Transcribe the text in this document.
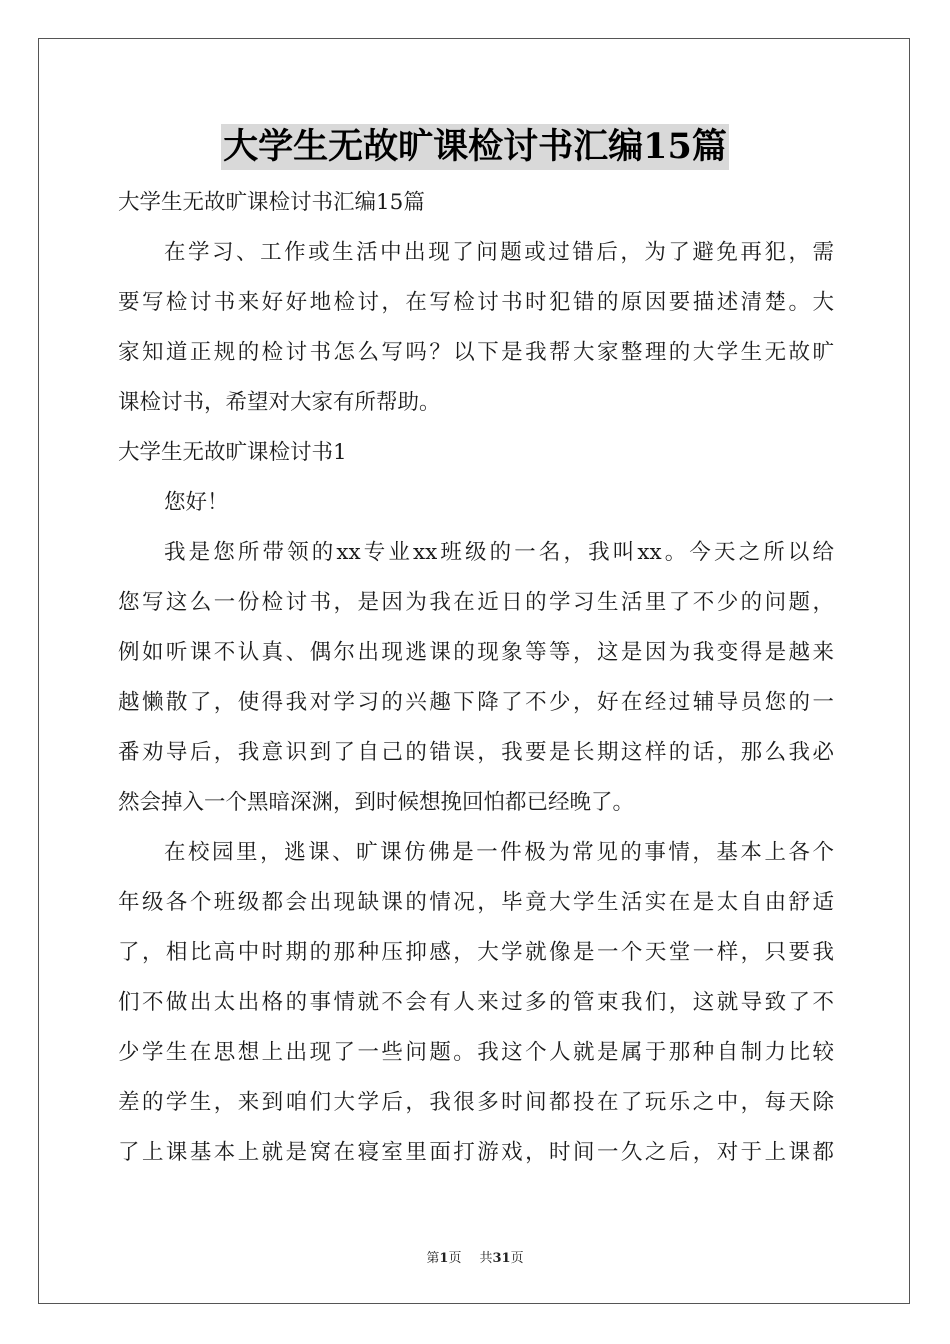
大学生无故旷课检讨书汇编15篇
大学生无故旷课检讨书汇编15篇
在学习、工作或生活中出现了问题或过错后，为了避免再犯，需
要写检讨书来好好地检讨，在写检讨书时犯错的原因要描述清楚。大
家知道正规的检讨书怎么写吗？以下是我帮大家整理的大学生无故旷
课检讨书，希望对大家有所帮助。
大学生无故旷课检讨书1
您好！
我是您所带领的xx专业xx班级的一名，我叫xx。今天之所以给
您写这么一份检讨书，是因为我在近日的学习生活里了不少的问题，
例如听课不认真、偶尔出现逃课的现象等等，这是因为我变得是越来
越懒散了，使得我对学习的兴趣下降了不少，好在经过辅导员您的一
番劝导后，我意识到了自己的错误，我要是长期这样的话，那么我必
然会掉入一个黑暗深渊，到时候想挽回怕都已经晚了。
在校园里，逃课、旷课仿佛是一件极为常见的事情，基本上各个
年级各个班级都会出现缺课的情况，毕竟大学生活实在是太自由舒适
了，相比高中时期的那种压抑感，大学就像是一个天堂一样，只要我
们不做出太出格的事情就不会有人来过多的管束我们，这就导致了不
少学生在思想上出现了一些问题。我这个人就是属于那种自制力比较
差的学生，来到咱们大学后，我很多时间都投在了玩乐之中，每天除
了上课基本上就是窝在寝室里面打游戏，时间一久之后，对于上课都
第1页 共31页
